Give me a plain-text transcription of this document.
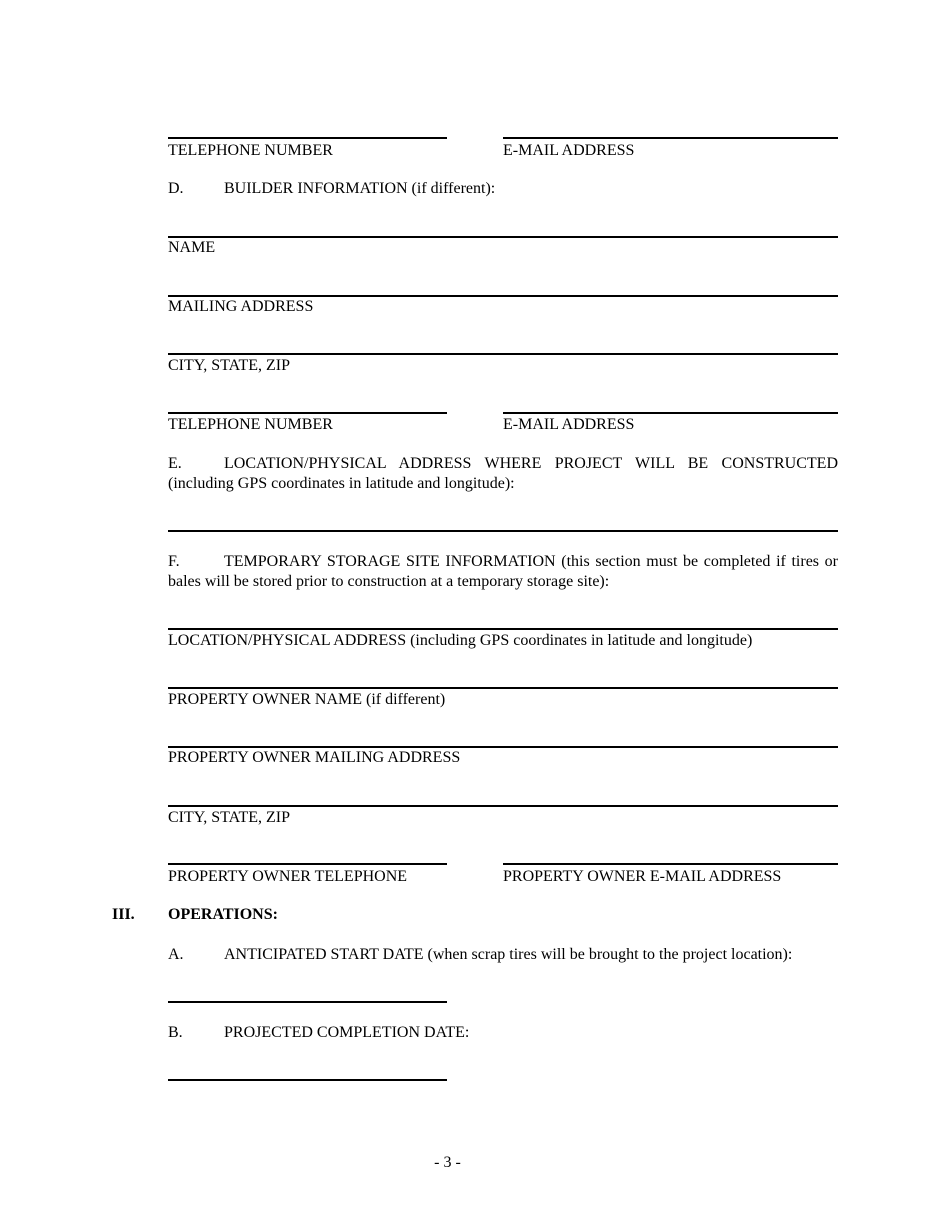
TELEPHONE NUMBER	E-MAIL ADDRESS
D.	BUILDER INFORMATION (if different):
NAME
MAILING ADDRESS
CITY, STATE, ZIP
TELEPHONE NUMBER	E-MAIL ADDRESS
E.	LOCATION/PHYSICAL ADDRESS WHERE PROJECT WILL BE CONSTRUCTED (including GPS coordinates in latitude and longitude):
F.	TEMPORARY STORAGE SITE INFORMATION (this section must be completed if tires or bales will be stored prior to construction at a temporary storage site):
LOCATION/PHYSICAL ADDRESS (including GPS coordinates in latitude and longitude)
PROPERTY OWNER NAME (if different)
PROPERTY OWNER MAILING ADDRESS
CITY, STATE, ZIP
PROPERTY OWNER TELEPHONE	PROPERTY OWNER E-MAIL ADDRESS
III. OPERATIONS:
A.	ANTICIPATED START DATE (when scrap tires will be brought to the project location):
B.	PROJECTED COMPLETION DATE:
- 3 -
